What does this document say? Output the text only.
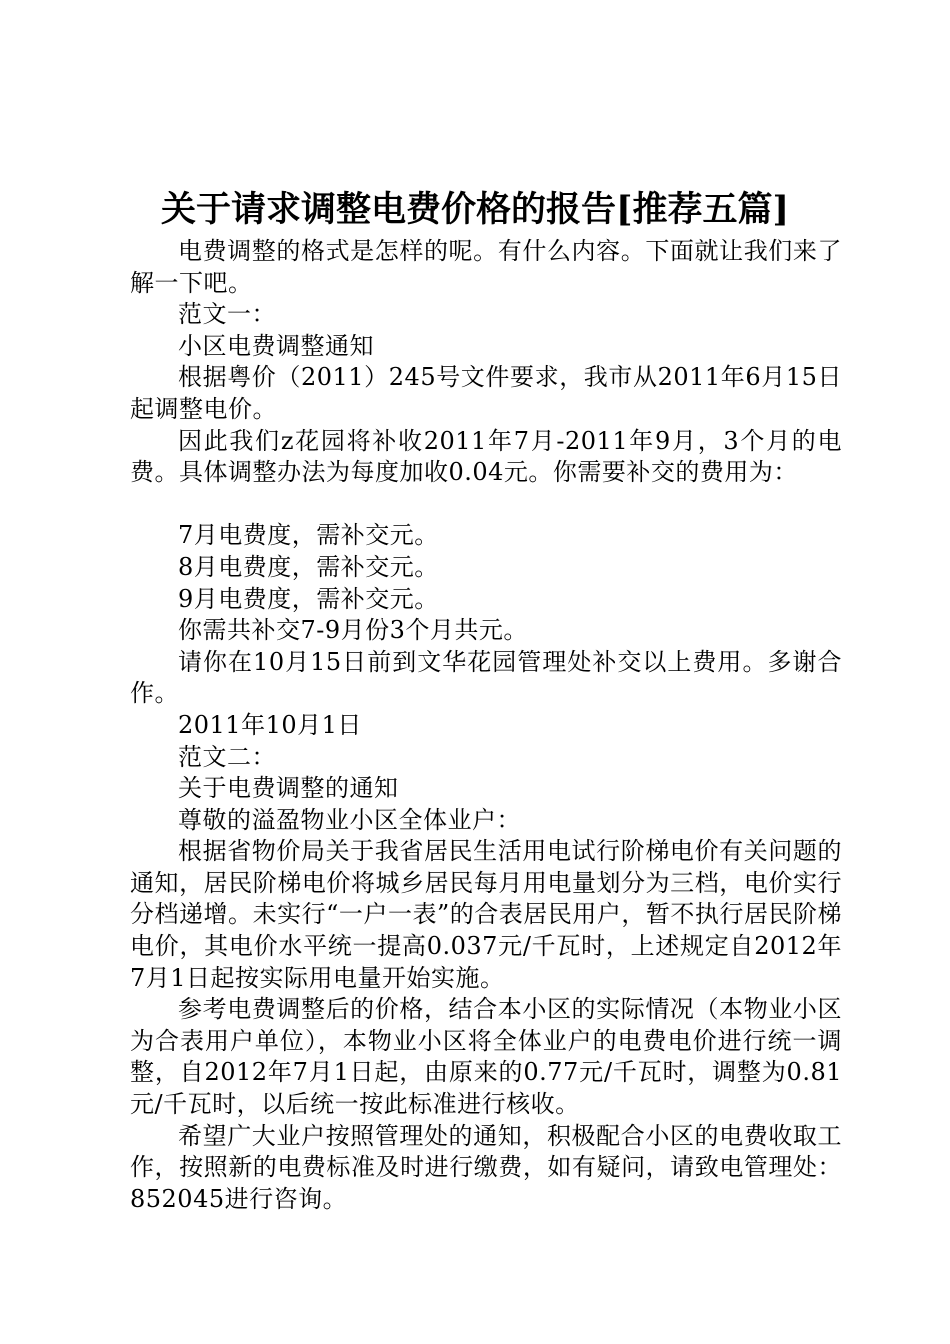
关于请求调整电费价格的报告[推荐五篇]

电费调整的格式是怎样的呢。有什么内容。下面就让我们来了解一下吧。

范文一：

小区电费调整通知

根据粤价（2011）245号文件要求，我市从2011年6月15日起调整电价。

因此我们z花园将补收2011年7月-2011年9月，3个月的电费。具体调整办法为每度加收0.04元。你需要补交的费用为：

7月电费度，需补交元。

8月电费度，需补交元。

9月电费度，需补交元。

你需共补交7-9月份3个月共元。

请你在10月15日前到文华花园管理处补交以上费用。多谢合作。

2011年10月1日

范文二：

关于电费调整的通知

尊敬的溢盈物业小区全体业户：

根据省物价局关于我省居民生活用电试行阶梯电价有关问题的通知，居民阶梯电价将城乡居民每月用电量划分为三档，电价实行分档递增。未实行“一户一表”的合表居民用户，暂不执行居民阶梯电价，其电价水平统一提高0.037元/千瓦时，上述规定自2012年7月1日起按实际用电量开始实施。

参考电费调整后的价格，结合本小区的实际情况（本物业小区为合表用户单位），本物业小区将全体业户的电费电价进行统一调整，自2012年7月1日起，由原来的0.77元/千瓦时，调整为0.81元/千瓦时，以后统一按此标准进行核收。

希望广大业户按照管理处的通知，积极配合小区的电费收取工作，按照新的电费标准及时进行缴费，如有疑问，请致电管理处：852045进行咨询。
